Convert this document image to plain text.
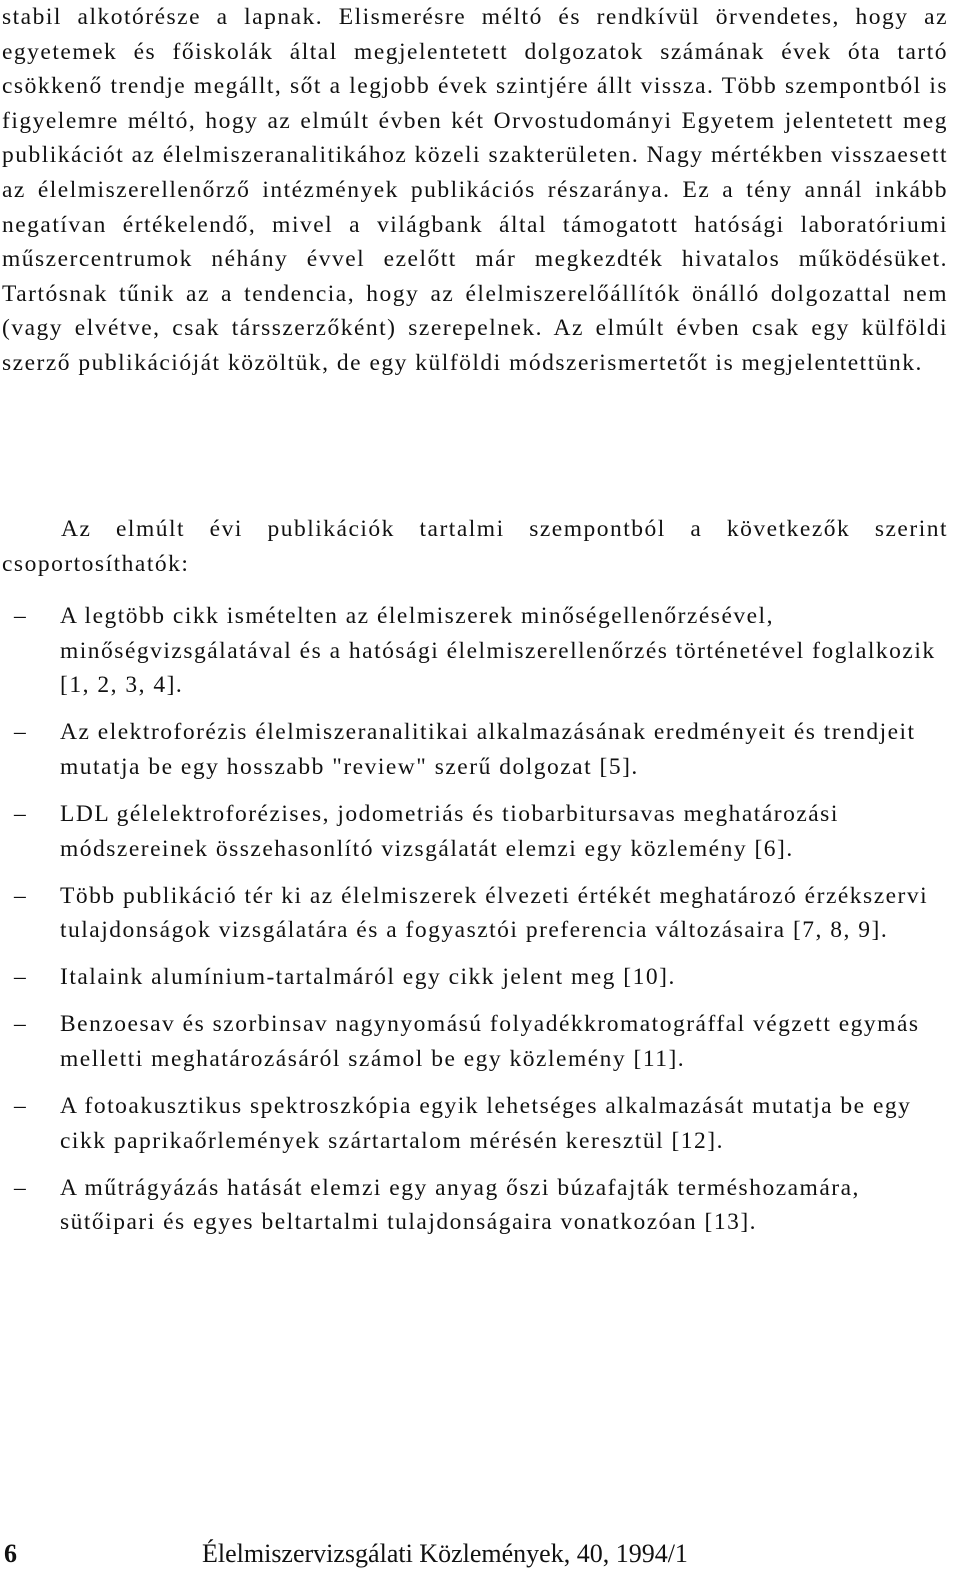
stabil alkotórésze a lapnak. Elismerésre méltó és rendkívül örvendetes, hogy az egyetemek és főiskolák által megjelentetett dolgozatok számának évek óta tartó csökkenő trendje megállt, sőt a legjobb évek szintjére állt vissza. Több szempontból is figyelemre méltó, hogy az elmúlt évben két Orvostudományi Egyetem jelentetett meg publikációt az élelmiszeranalitikához közeli szakterületen. Nagy mértékben visszaesett az élelmiszerellenőrző intézmények publikációs részaránya. Ez a tény annál inkább negatívan értékelendő, mivel a világbank által támogatott hatósági laboratóriumi műszercentrumok néhány évvel ezelőtt már megkezdték hivatalos működésüket. Tartósnak tűnik az a tendencia, hogy az élelmiszerelőállítók önálló dolgozattal nem (vagy elvétve, csak társszerzőként) szerepelnek. Az elmúlt évben csak egy külföldi szerző publikációját közöltük, de egy külföldi módszerismertetőt is megjelentettünk.

Az elmúlt évi publikációk tartalmi szempontból a következők szerint csoportosíthatók:

– A legtöbb cikk ismételten az élelmiszerek minőségellenőrzésével, minőségvizsgálatával és a hatósági élelmiszerellenőrzés történetével foglalkozik [1, 2, 3, 4].
– Az elektroforézis élelmiszeranalitikai alkalmazásának eredményeit és trendjeit mutatja be egy hosszabb "review" szerű dolgozat [5].
– LDL gélelektroforézises, jodometriás és tiobarbitursavas meghatározási módszereinek összehasonlító vizsgálatát elemzi egy közlemény [6].
– Több publikáció tér ki az élelmiszerek élvezeti értékét meghatározó érzékszervi tulajdonságok vizsgálatára és a fogyasztói preferencia változásaira [7, 8, 9].
– Italaink alumínium-tartalmáról egy cikk jelent meg [10].
– Benzoesav és szorbinsav nagynyomású folyadékkromatográffal végzett egymás melletti meghatározásáról számol be egy közlemény [11].
– A fotoakusztikus spektroszkópia egyik lehetséges alkalmazását mutatja be egy cikk paprikaőrlemények szártartalom mérésén keresztül [12].
– A műtrágyázás hatását elemzi egy anyag őszi búzafajták terméshozamára, sütőipari és egyes beltartalmi tulajdonságaira vonatkozóan [13].
6	Élelmiszervizsgálati Közlemények, 40, 1994/1
